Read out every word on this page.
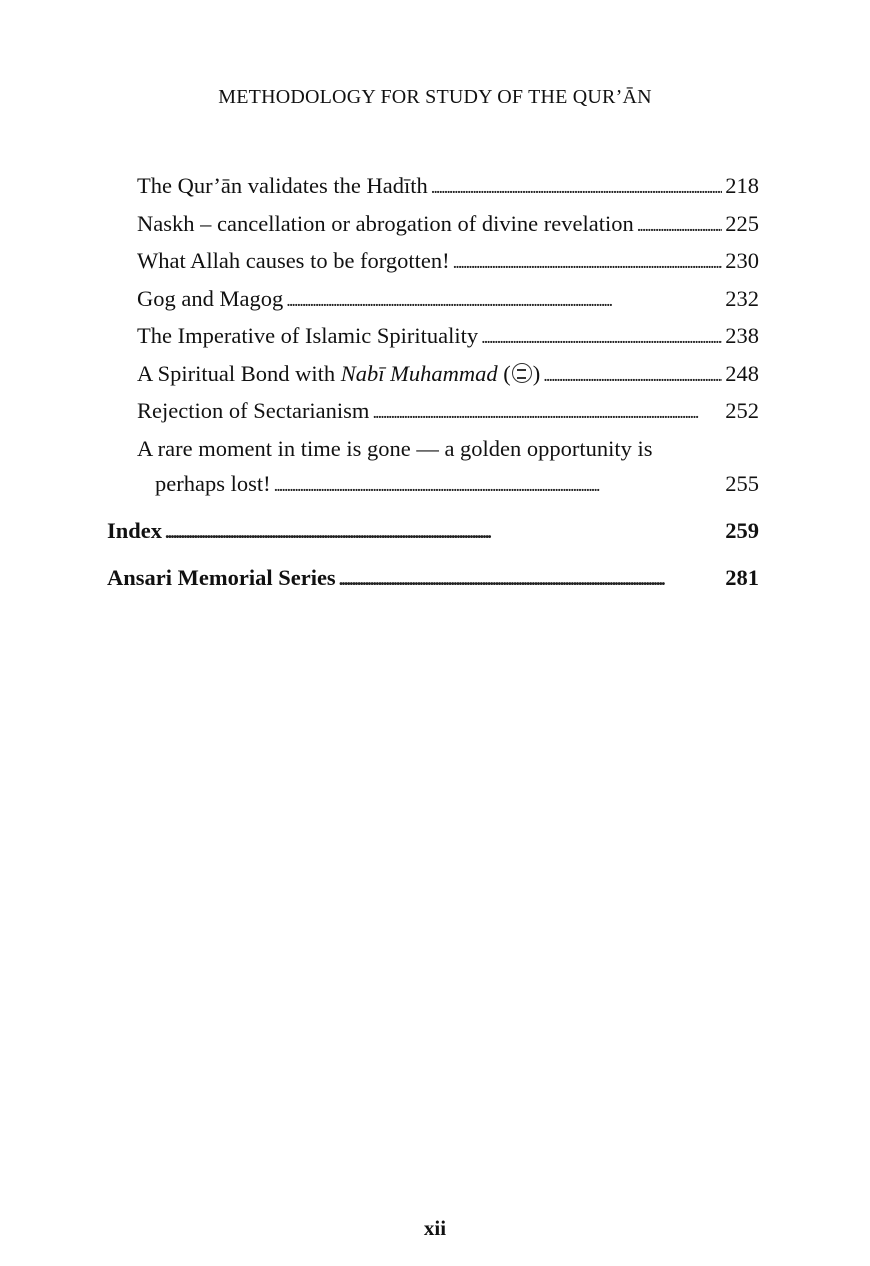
METHODOLOGY FOR STUDY OF THE QUR’ĀN
The Qur’ān validates the Hadīth . . .	218
Naskh – cancellation or abrogation of divine revelation . . .	225
What Allah causes to be forgotten! . . .	230
Gog and Magog . . .	232
The Imperative of Islamic Spirituality . . .	238
A Spiritual Bond with Nabī Muhammad ( ) . . .	248
Rejection of Sectarianism . . .	252
A rare moment in time is gone — a golden opportunity is
perhaps lost! . . .	255
Index . . .	259
Ansari Memorial Series . . .	281
xii
